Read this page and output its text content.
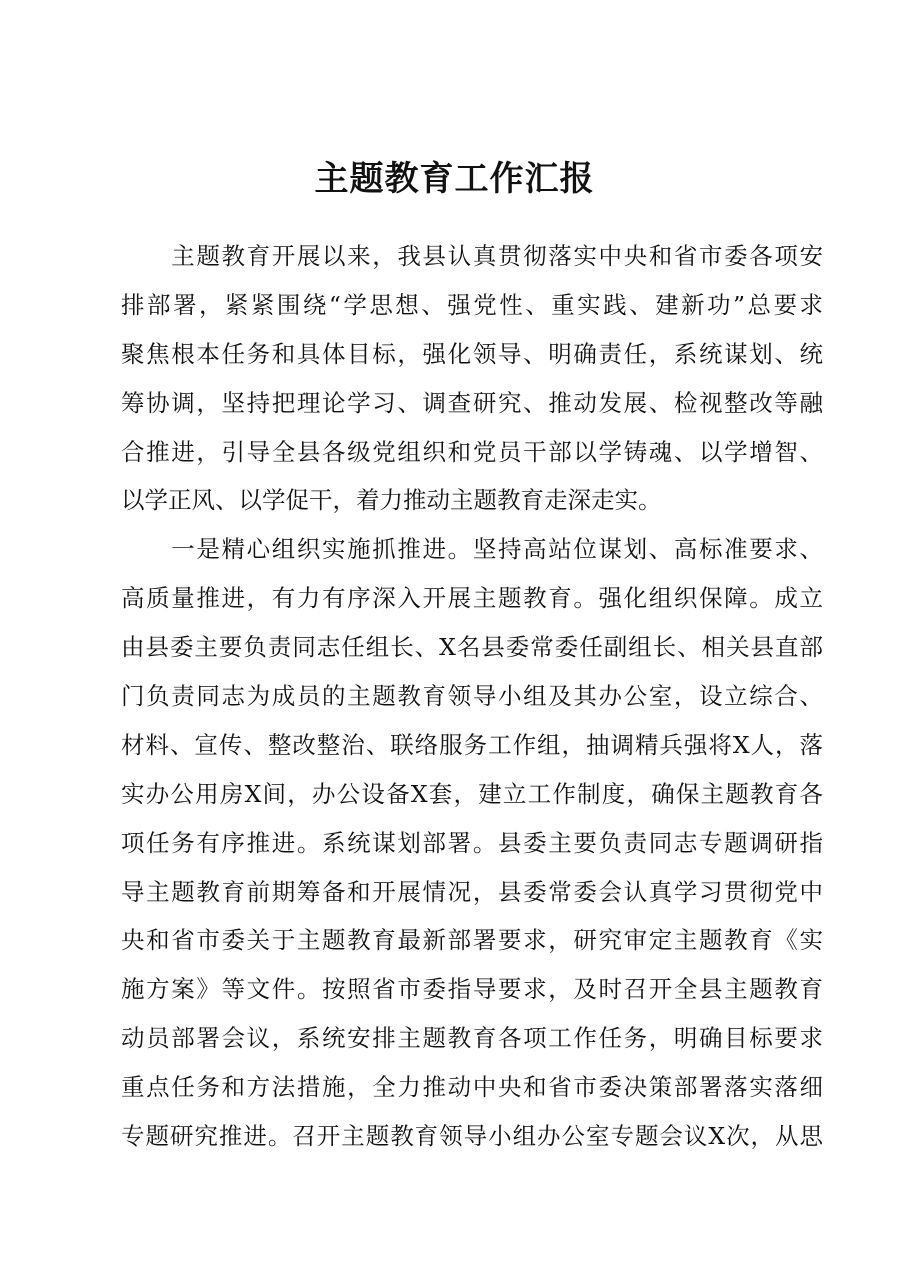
主题教育工作汇报
　　主题教育开展以来，我县认真贯彻落实中央和省市委各项安
排部署，紧紧围绕“学思想、强党性、重实践、建新功”总要求
聚焦根本任务和具体目标，强化领导、明确责任，系统谋划、统
筹协调，坚持把理论学习、调查研究、推动发展、检视整改等融
合推进，引导全县各级党组织和党员干部以学铸魂、以学增智、
以学正风、以学促干，着力推动主题教育走深走实。
　　一是精心组织实施抓推进。坚持高站位谋划、高标准要求、
高质量推进，有力有序深入开展主题教育。强化组织保障。成立
由县委主要负责同志任组长、X名县委常委任副组长、相关县直部
门负责同志为成员的主题教育领导小组及其办公室，设立综合、
材料、宣传、整改整治、联络服务工作组，抽调精兵强将X人，落
实办公用房X间，办公设备X套，建立工作制度，确保主题教育各
项任务有序推进。系统谋划部署。县委主要负责同志专题调研指
导主题教育前期筹备和开展情况，县委常委会认真学习贯彻党中
央和省市委关于主题教育最新部署要求，研究审定主题教育《实
施方案》等文件。按照省市委指导要求，及时召开全县主题教育
动员部署会议，系统安排主题教育各项工作任务，明确目标要求
重点任务和方法措施，全力推动中央和省市委决策部署落实落细
专题研究推进。召开主题教育领导小组办公室专题会议X次，从思
